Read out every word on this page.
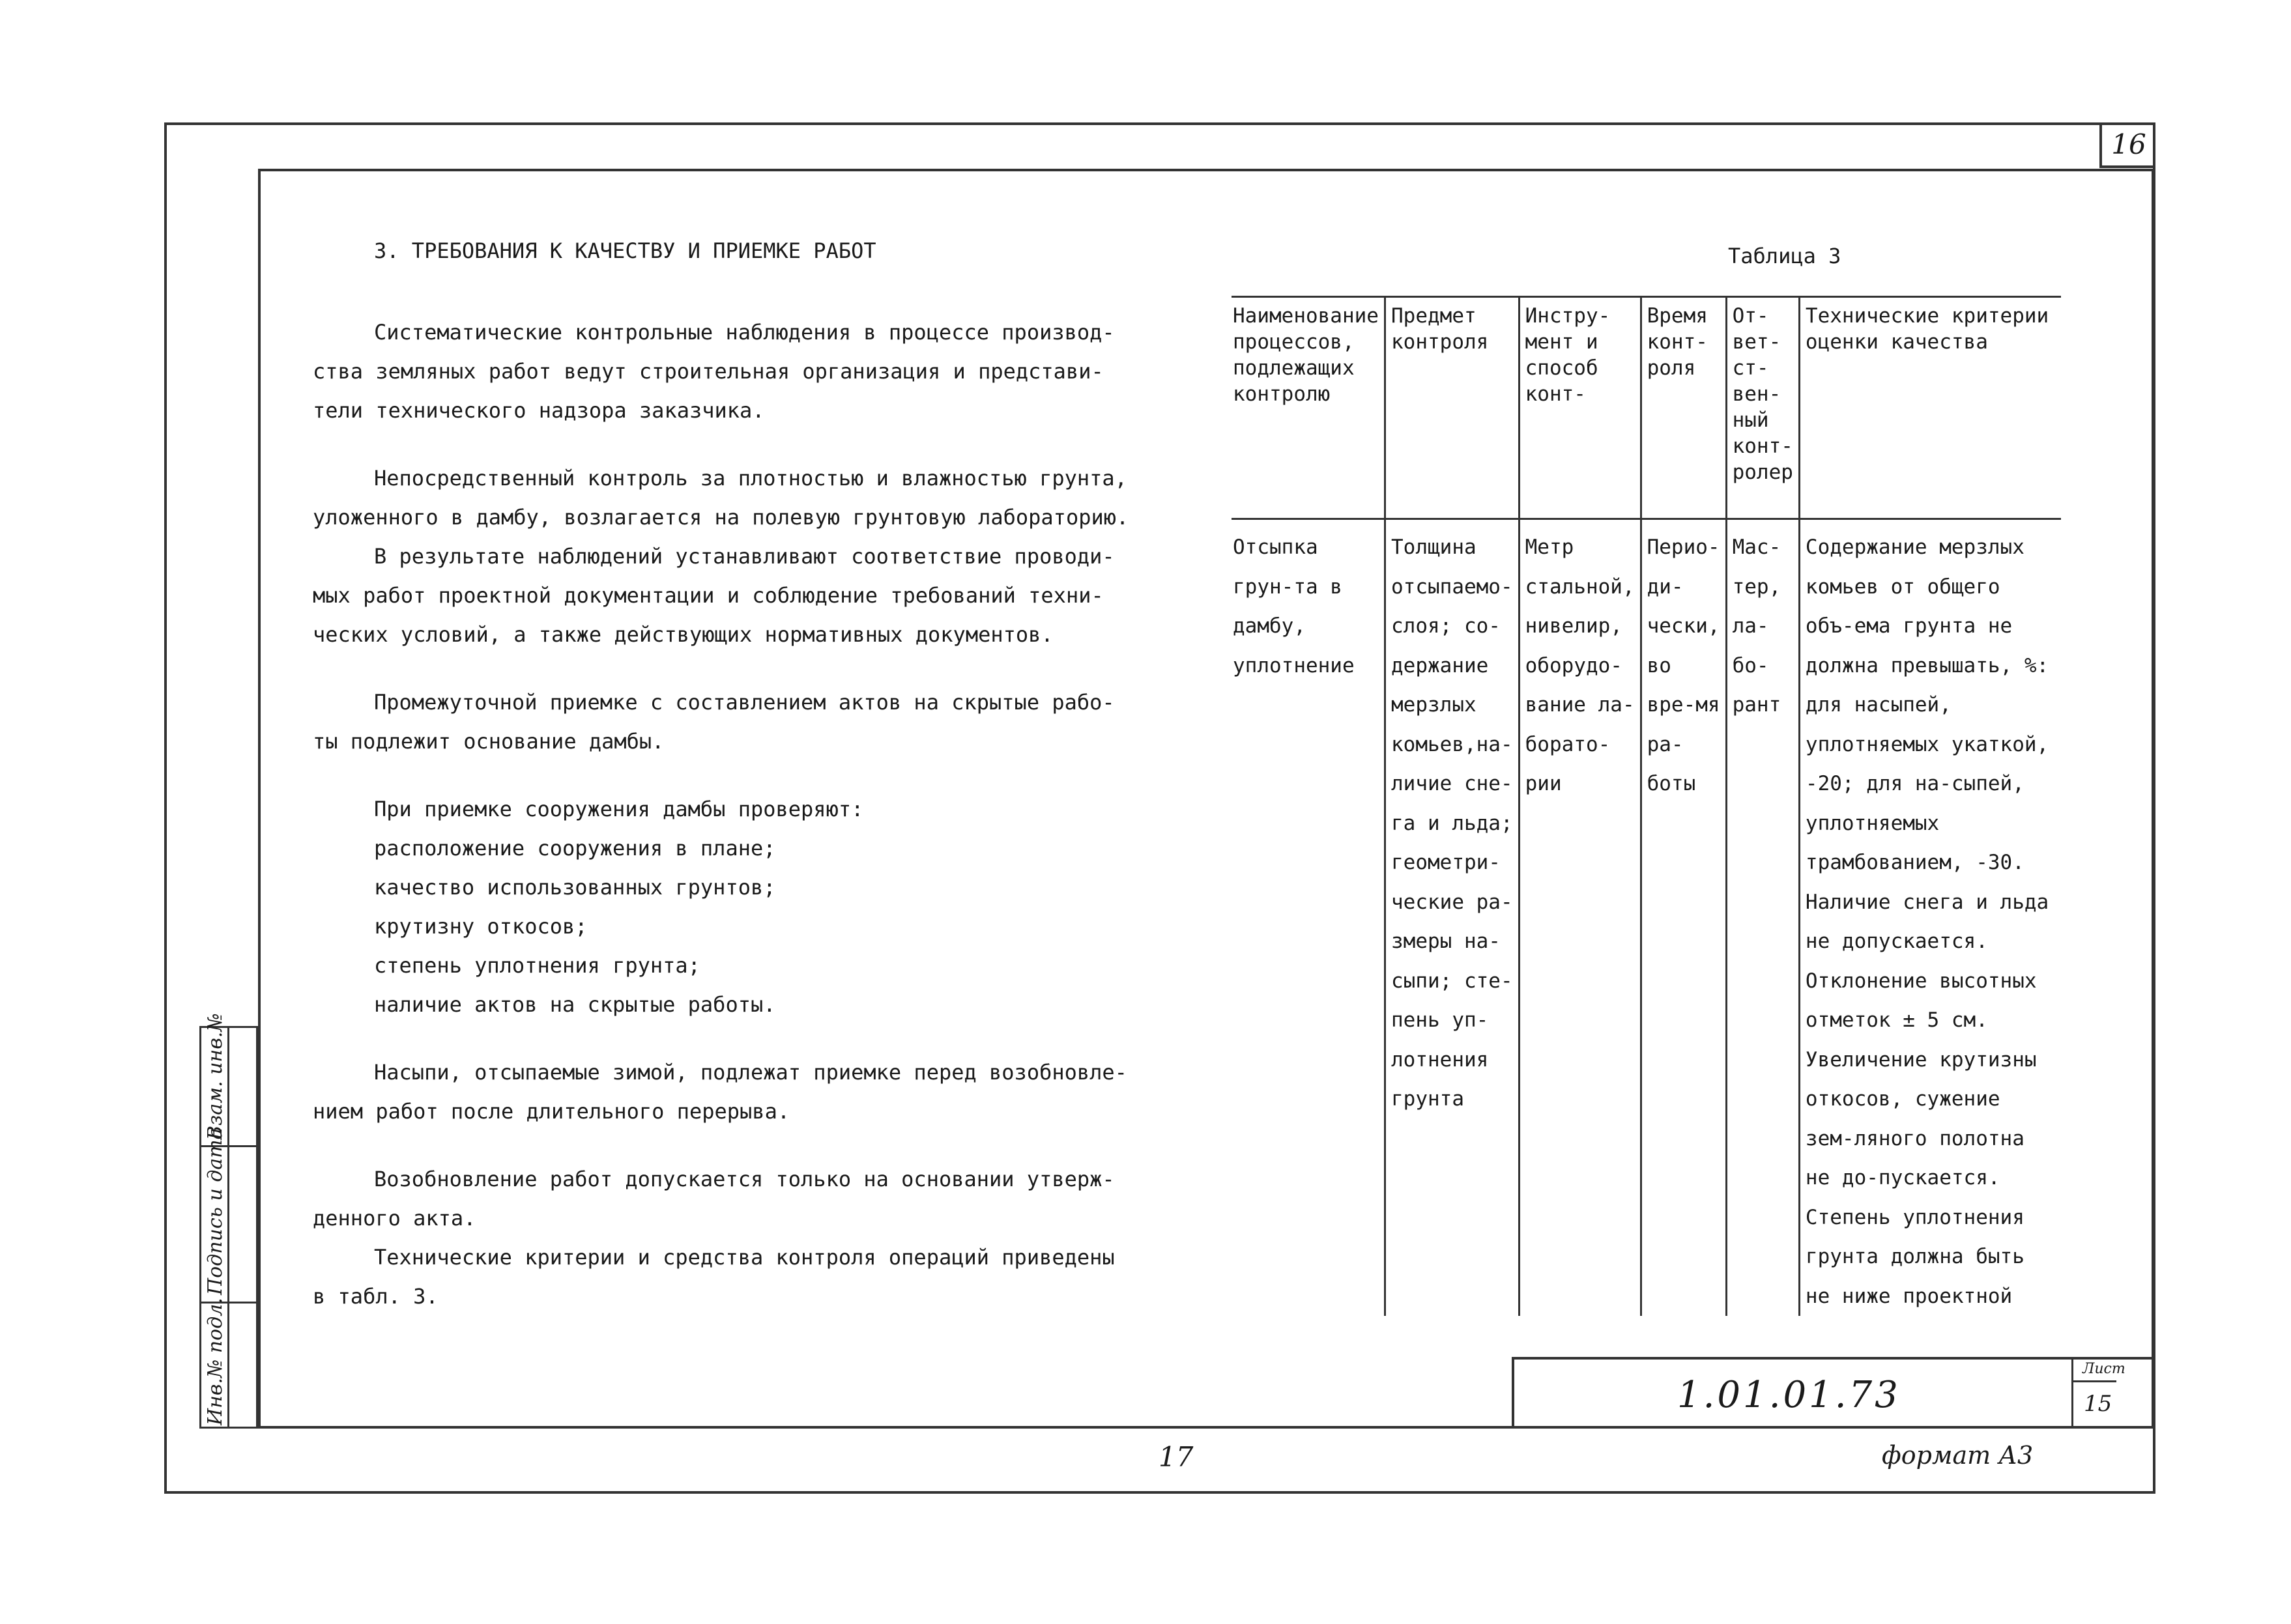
16
Инв.№ подл.
Подпись и дата
Взам. инв.№
3. ТРЕБОВАНИЯ К КАЧЕСТВУ И ПРИЕМКЕ РАБОТ

Систематические контрольные наблюдения в процессе производ-ства земляных работ ведут строительная организация и представи-тели технического надзора заказчика.

Непосредственный контроль за плотностью и влажностью грунта, уложенного в дамбу, возлагается на полевую грунтовую лабораторию.

В результате наблюдений устанавливают соответствие проводи-мых работ проектной документации и соблюдение требований техни-ческих условий, а также действующих нормативных документов.

Промежуточной приемке с составлением актов на скрытые рабо-ты подлежит основание дамбы.

При приемке сооружения дамбы проверяют:

расположение сооружения в плане;

качество использованных грунтов;

крутизну откосов;

степень уплотнения грунта;

наличие актов на скрытые работы.

Насыпи, отсыпаемые зимой, подлежат приемке перед возобновле-нием работ после длительного перерыва.

Возобновление работ допускается только на основании утверж-денного акта.

Технические критерии и средства контроля операций приведены в табл. 3.

Таблица 3
Наименование процессов, подлежащих контролю	Предмет контроля	Инстру-мент и способ конт-	Время конт-роля	От-вет-ст-вен-ный конт-ролер	Технические критерии оценки качества
Отсыпка грун-та в дамбу, уплотнение	Толщина отсыпаемо-слоя; со-держание мерзлых комьев,на-личие сне-га и льда; геометри-ческие ра-змеры на-сыпи; сте-пень уп-лотнения грунта	Метр стальной, нивелир, оборудо-вание ла-борато-рии	Перио-ди-чески, во вре-мя ра-боты	Мас-тер, ла-бо-рант	Содержание мерзлых комьев от общего объ-ема грунта не должна превышать, %: для насыпей, уплотняемых укаткой, -20; для на-сыпей, уплотняемых трамбованием, -30. Наличие снега и льда не допускается. Отклонение высотных отметок ± 5 см. Увеличение крутизны откосов, сужение зем-ляного полотна не до-пускается. Степень уплотнения грунта должна быть не ниже проектной
1.01.01.73
Лист
15
17	формат А3
